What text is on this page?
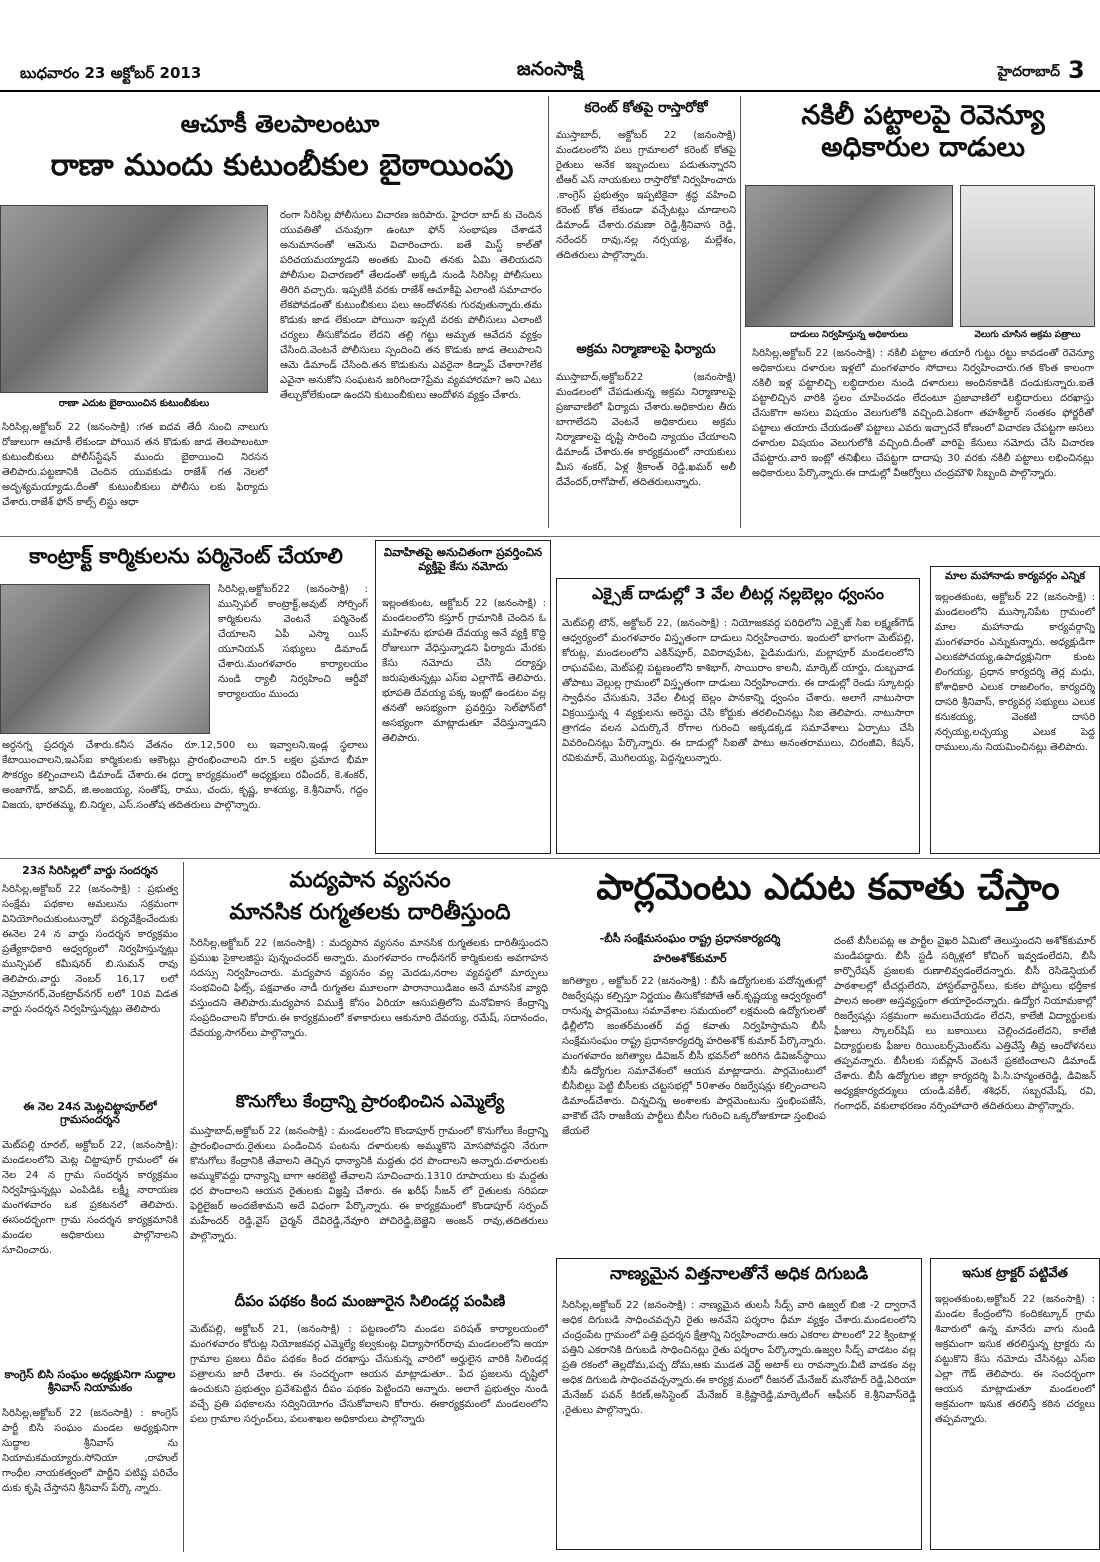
బుధవారం 23 అక్టోబర్ 2013	జనంసాక్షి	హైదరాబాద్ 3
ఆచూకీ తెలపాలంటూ
రాణా ముందు కుటుంబీకుల బైఠాయింపు
రాణా ఎదుట బైఠాయించిన కుటుంబీకులు
సిరిసిల్ల,అక్టోబర్ 22 (జనంసాక్షి) :గత ఐదవ తేదీ నుంచి నాలుగు రోజులుగా ఆచూకీ లేకుండా పోయిన తన కొడుకు జాడ తెలపాలంటూ కుటుంబీకులు పోలీస్‌స్టేషన్ ముందు బైఠాయించి నిరసన తెలిపారు.పట్టణానికి చెందిన యువకుడు రాజేశ్ గత నెలలో అదృశ్యమయ్యాడు.దీంతో కుటుంబీకులు పోలీసు లకు ఫిర్యాదు చేశారు.రాజేశ్ ఫోన్ కాల్స్ లిస్టు ఆధా
రంగా సిరిసిల్ల పోలీసులు విచారణ జరిపారు. హైదరా బాద్ కు చెందిన యువతితో చనువుగా ఉంటూ ఫోన్ సంభాషణ చేశాడనే అనుమానంతో ఆమెను విచారించారు. ఐతే మిస్డ్ కాల్‌తో పరిచయమయ్యాడని అంతకు మించి తనకు ఏమి తెలియదని పోలీసుల విచారణలో తేలడంతో అక్కడి నుండి సిరిసిల్ల పోలీసులు తిరిగి వచ్చారు. ఇప్పటికీ వరకు రాజేశ్ ఆచూకీపై ఎలాంటి సమాచారం లేకపోవడంతో కుటుంబీకులు పలు ఆందోళనకు గురవుతున్నారు.తమ కొడుకు జాడ లేకుండా పోయినా ఇప్పటి వరకు పోలీసులు ఎలాంటి చర్యలు తీసుకోవడం లేదని తల్లి గట్టు అమృత ఆవేదన వ్యక్తం చేసింది.వెంటనే పోలీసులు స్పందించి తన కొడుకు జాడ తెలుపాలని ఆమె డిమాండ్ చేసింది.తన కొడుకును ఎవరైనా కిడ్నాప్ చేశారా?లేక ఎవైనా అనుకోని సంఘటన జరిగిందా?ప్రేమ వ్యవహారమా? అని ఎటు తేల్చుకోలేకుండా ఉందని కుటుంబీకులు ఆందోళన వ్యక్తం చేశారు.
కరెంట్ కోతపై రాస్తారోకో
ముస్తాబాద్, అక్టోబర్ 22 (జనంసాక్షి) మండలంలోని పలు గ్రామాలలో కరెంట్ కోతపై రైతులు అనేక ఇబ్బందులు పడుతున్నారని టీఆర్ ఎస్ నాయకులు రాస్తారోకో నిర్వహించారు .కాంగ్రెస్ ప్రభుత్వం ఇప్పటికైనా శ్రద్ధ వహించి కరెంట్ కోత లేకుండా వచ్చేటట్లు చూడాలని డిమాండ్ చేశారు.రమణా రెడ్డి,శ్రీనివాస రెడ్డి, నరేందర్ రావు,నల్ల నర్సయ్య, మల్లేశం, తదితరులు పాల్గొన్నారు.
అక్రమ నిర్మాణాలపై ఫిర్యాదు
ముస్తాబాద్,అక్టోబర్22 (జనంసాక్షి) మండలంలో చేపడుతున్న అక్రమ నిర్మాణాలపై ప్రజావాణిలో ఫిర్యాదు చేశారు.అధికారుల తీరు బాగాలేదని వెంటనే అధికారులు అక్రమ నిర్మాణాలపై దృష్టి సారించి న్యాయం చేయాలని డిమాండ్ చేశారు.ఈ కార్యక్రమంలో నాయకులు మీస శంకర్, ఏళ్ల శ్రీకాంత్ రెడ్డి,ఖమర్ అలీ దేవేందర్,రాగోపాల్, తదితరులున్నారు.
నకిలీ పట్టాలపై రెవెన్యూ అధికారుల దాడులు
దాడులు నిర్వహిస్తున్న అధికారులు	వెలుగు చూసిన అక్రమ పత్రాలు
సిరిసిల్ల,అక్టోబర్ 22 (జనంసాక్షి) : నకిలీ పట్టాల తయారీ గుట్టు రట్టు కావడంతో రెవెన్యూ అధికారులు దళారుల ఇళ్లలో మంగళవారం సోదాలు నిర్వహించారు.గత కొంత కాలంగా నకిలీ ఇళ్ల పట్టాలిచ్చి లబ్ధిదారుల నుండి దళారులు అందినకాడికి దండుకున్నారు.ఐతే పట్టాలిచ్చిన వారికి స్థలం చూపించడం లేదంటూ ప్రజావాణిలో లబ్ధిదారులు దరఖాస్తు చేసుకొగా అసలు విషయం వెలుగులోకి వచ్చింది.ఏకంగా తహశీల్దార్ సంతకం ఫోర్జరీతో పట్టాలు తయారు చేయడంతో పట్టాలు ఎవరు ఇచ్చారనే కోణంలో విచారణ చేపట్టగా అసలు దళారుల విషయం వెలుగులోకి వచ్చింది.దీంతో వారిపై కేసులు నమోదు చేసి విచారణ చేపట్టారు.వారి ఇంట్లో తనిఖీలు చేపట్టగా దాదాపు 30 వరకు నకిలీ పట్టాలు లభించినట్లు అధికారులు పేర్కొన్నారు.ఈ దాడుల్లో వీఆర్వోలు చంద్రమౌళి సిబ్బంది పాల్గొన్నారు.
కాంట్రాక్ట్ కార్మికులను పర్మినెంట్ చేయాలి
సిరిసిల్ల,అక్టోబర్22 (జనంసాక్షి) : మున్సిపల్ కాంట్రాక్ట్,అవుట్ సోర్సింగ్ కార్మికులను వెంటనే పర్మినెంట్ చేయాలని ఏపీ ఎస్మా యిస్ యూనియన్ సభ్యులు డిమాండ్ చేశారు.మంగళవారం కార్యాలయం నుండి ర్యాలీ నిర్వహించి ఆర్డీవో కార్యాలయం ముందు
అర్ధనగ్న ప్రదర్శన చేశారు.కనీస వేతనం రూ.12,500 లు ఇవ్వాలని,ఇండ్ల స్థలాలు కేటాయించాలని,ఇఎస్‌ఐ కార్మికులకు ఆకౌంట్లు ప్రారంభించాలని రూ.5 లక్షల ప్రమాద భీమా సౌకర్యం కల్పించాలని డిమాండ్ చేశారు.ఈ ధర్నా కార్యక్రమంలో అధ్యక్షులు రవీందర్, కె.శంకర్, అంజాగౌడ్, జావిద్, జి.అంజయ్య, సంతోష్, రాము, చందు, కృష్ణ, కాశయ్య, కె.శ్రీనివాస్, గద్దం విజయ, భారతమ్మ, బి.నిర్మల, ఎస్.సంతోష తదితరులు పాల్గొన్నారు.
వివాహితపై అనుచితంగా ప్రవర్తించిన వ్యక్తిపై కేసు నమోదు
ఇల్లంతకుంట, అక్టోబర్ 22 (జనంసాక్షి) : మండలంలోని కస్తూర్ గ్రామానికి చెందిన ఓ మహిళను భూపతి దేవయ్య అనే వ్యక్తి కొద్ది రోజులుగా వేధిస్తున్నాడని ఫిర్యాదు మేరకు కేసు నమోదు చేసి దర్యాప్తు జరుపుతున్నట్లు ఎస్ఐ ఎల్లాగౌడ్ తెలిపారు. భూపతి దేవయ్య పక్క ఇంట్లో ఉండటం వల్ల తనతో అసభ్యంగా ప్రవర్తిస్తు సెల్‌ఫోన్‌లో అసభ్యంగా మాట్లాడుతూ వేదిస్తున్నాడని తెలిపారు.
ఎక్సైజ్ దాడుల్లో 3 వేల లీటర్ల నల్లబెల్లం ధ్వంసం
మెట్‌పల్లి టౌన్, అక్టోబర్ 22, (జనంసాక్షి) : నియోజకవర్గ పరిధిలోని ఎక్సైజ్ సిఐ లక్ష్మణ్‌గౌడ్ ఆధ్వర్యంలో మంగళవారం విస్తృతంగా దాడులు నిర్వహించారు. ఇందులో భాగంగా మెట్‌పల్లి, కోరుట్ల, మండలంలోని ఎకిన్‌పూర్, వివిరావుపేట, పైడిమడుగు, మల్లాపూర్ మండలంలోని రాఘవపేట, మెట్‌పల్లి పట్టణంలోని కాశిభాగ్, సాయిరాం కాలనీ, మార్కెట్ యార్డు, దుబ్బవాడ తోపాటు వెల్లుల్ల గ్రామంలో విస్తృతంగా దాడులు నిర్వహించారు. ఈ దాడుల్లో రెండు స్కూటర్లు స్వాధీనం చేసుకుని, 3వేల లీటర్ల బెల్లం పానకాన్ని ధ్వంసం చేశారు. అలాగే నాటుసారా విక్రయిస్తున్న 4 వ్యక్తులను అరెస్టు చేసి కోర్టుకు తరలించినట్లు సిఐ తెలిపారు. నాటుసారా త్రాగడం వలన ఎదుర్కొనే రోగాల గురించి అక్కడక్కడ సమావేశాలు ఏర్పాటు చేసి వివరించినట్లు పేర్కొన్నారు. ఈ దాడుల్లో సిఐతో పాటు అనంతరాములు, చిరంజీవి, కిషన్, రవికుమార్, మొగిలయ్య, పెద్దన్నలున్నారు.
మాల మహానాడు కార్యవర్గం ఎన్నిక
ఇల్లంతకుంట, అక్టోబర్ 22 (జనంసాక్షి) : మండలంలోని ముస్కానిపేట గ్రామంలో మాల మహానాడు కార్యవర్గాన్ని మంగళవారం ఎన్నుకున్నారు. అధ్యక్షుడిగా ఎలుకపోచయ్య,ఉపాధ్యక్షునిగా కుంట లింగయ్య, ప్రధాన కార్యదర్శి తెర్ల మధు, కోశాధికారి ఎలుక రాజలింగం, కార్యదర్శి దాసరి శ్రీనివాస్, కార్యవర్గ సభ్యులు ఎలుక కనుకయ్య, వెంకటి దాసరి నర్సయ్య,లచ్చయ్య ఎలుక పెద్ద రాములు,ను నియమించినట్లు తెలిపారు.
23న సిరిసిల్లలో వార్డు సందర్శన
సిరిసిల్ల,అక్టోబర్ 22 (జనంసాక్షి) : ప్రభుత్వ సంక్షేమ పథకాల అమలును సక్రమంగా వినియోగించుకుంటున్నారో పర్యవేక్షించేందుకు ఈనెల 24 న వార్డు సందర్శన కార్యక్రమం ప్రత్యేకాధికారి ఆధ్వర్యంలో నిర్వహిస్తున్నట్లు మున్సిపల్ కమీషనర్ బి.సుమన్ రావు తెలిపారు.వార్డు నెంబర్ 16,17 లలో నెహ్రూనగర్,వెంకట్రావ్‌నగర్ లలో 10వ విడత వార్డు సందర్శన నిర్వహిస్తున్నట్లు తెలిపారు
ఈ నెల 24న మెట్లచిట్టాపూర్‌లో గ్రామసందర్శన
మెట్‌పల్లి రూరల్, అక్టోబర్ 22, (జనంసాక్షి): మండలంలోని మెట్ల చిట్టాపూర్ గ్రామంలో ఈ నెల 24 న గ్రామ సందర్శన కార్యక్రమం నిర్వహిస్తున్నట్లు ఎంపిడిఓ లక్ష్మీ నారాయణ మంగళవారం ఒక ప్రకటనలో తెలిపారు. ఈసందర్భంగా గ్రామ సందర్శన కార్యక్రమానికి మండల అధికారులు పాల్గొనాలని సూచించారు.
కాంగ్రెస్ బిసి సంఘం అధ్యక్షునిగా సుద్దాల శ్రీనివాస్ నియామకం
సిరిసిల్ల,అక్టోబర్ 22 (జనంసాక్షి) : కాంగ్రెస్ పార్టీ బిసి సంఘం మండల అధ్యక్షునిగా సుద్దాల శ్రీనివాస్ ను నియామకమయ్యారు.సోనియా ,రాహుల్ గాంధీల నాయకత్వంలో పార్టీని పటిష్ట పరిచేం దుకు కృషి చేస్తానని శ్రీనివాస్ పేర్కొ న్నారు.
మద్యపాన వ్యసనం
మానసిక రుగ్మతలకు దారితీస్తుంది
సిరిసిల్ల,అక్టోబర్ 22 (జనంసాక్షి) : మద్యపాన వ్యసనం మానసిక రుగ్మతలకు దారితీస్తుందని ప్రముఖ సైకాలజిస్టు పున్నంచందర్ అన్నారు. మంగళవారం గాంధీనగర్ కార్మికులకు అవగాహన సదస్సు నిర్వహించారు. మద్యపాన వ్యసనం వల్ల మెదడు,నరాల వ్యవస్థలో మార్పులు సంభవించి ఫిట్స్, పక్షవాతం నాడీ రుగ్మతల మూలంగా పారానాయిడిజం అనే మానసిక వ్యాధి వస్తుందని తెలిపారు.మద్యపాన విముక్తి కోసం ఏరియా ఆసుపత్రిలోని మనోవికాస కేంద్రాన్ని సంప్రదించాలని కోరారు.ఈ కార్యక్రమంలో కళాకారులు ఆకునూరి దేవయ్య, రమేష్, సదానందం, దేవయ్య,సాగర్‌లు పాల్గొన్నారు.
కొనుగోలు కేంద్రాన్ని ప్రారంభించిన ఎమ్మెల్యే
ముస్తాబాద్,అక్టోబర్ 22 (జనంసాక్షి) : మండలంలోని కొండాపూర్ గ్రామంలో కొనుగోలు కేంద్రాన్ని ప్రారంభించారు.రైతులు పండించిన పంటను దళారులకు అమ్ముకొని మోసపోవద్దని నేరుగా కొనుగోలు కేంద్రానికి తేవాలని తెచ్చిన ధాన్యానికి మద్దతు ధర పొందాలని అన్నారు.దళారులకు అమ్ముకొవద్దు ధాన్యాన్ని బాగా ఆరబెట్టి తేవాలని సూచించారు.1310 రూపాయలు కు మద్దతు ధర పొందాలని ఆయన రైతులకు విజ్ఞప్తి చేశారు. ఈ ఖరీఫ్ సీజన్ లో రైతులకు సరిపడా ఫెర్టిలైజర్ అందజేశామని అదే విధంగా పేర్కొన్నారు. ఈ కార్యక్రమంలో కొండాపూర్ సర్పంచ్ మహేందర్ రెడ్డి,వైస్ చైర్మన్ దేవిరెడ్డి,నేవూరి పోచిరెడ్డి,బెజ్జెని అంజన్ రావు,తదితరులు పాల్గొన్నారు.
దీపం పథకం కింద మంజూరైన సిలిండర్ల పంపిణి
మెట్‌పల్లి, అక్టోబర్ 21, (జనంసాక్షి) : పట్టణంలోని మండల పరిషత్ కార్యాలయంలో మంగళవారం కోరుట్ల నియోజకవర్గ ఎమ్మెల్యే కల్వకుంట్ల విద్యాసాగర్‌రావు మండలంలోని అయా గ్రామాల ప్రజలు దీపం పథకం కింద దరఖాస్తు చేసుకున్న వారిలో అర్హులైన వారికి సిలిండర్ల పత్రాలను జారీ చేశారు. ఈ సందర్భంగా ఆయన మాట్లాడుతూ.. పేద ప్రజలను దృష్టిలో ఉంచుకుని ప్రభుత్వం ప్రవేశపెట్టిన దీపం పథకం పెట్టిందని అన్నారు. అలాగే ప్రభుత్వం నుండి వచ్చే ప్రతి పథకాలను సద్వినియోగం చేసుకోవాలని కోరారు. ఈకార్యక్రమంలో మండలంలోని పలు గ్రామాల సర్పంచ్‌లు, పలుశాఖల అధికారులు పాల్గొన్నారు
పార్లమెంటు ఎదుట కవాతు చేస్తాం
-బీసీ సంక్షేమసంఘం రాష్ట్ర ప్రధానకార్యదర్శి
హరిఅశోక్‌కుమార్
జగిత్యాల , అక్టోబర్ 22 (జనంసాక్షి) : బీసీ ఉద్యోగులకు పదోన్నతుల్లో రిజర్వేషన్లు కల్పిస్తూ నిర్ణయం తీసుకోకపోతే ఆర్.కృష్ణయ్య ఆధ్వర్యంలో రానున్న పార్లమెంటు సమావేశాల సమయంలో లక్షమంది ఉద్యోగులతో ఢిల్లీలోని జంతర్‌మంతర్ వద్ద కవాతు నిర్వహిస్తామని బీసీ సంక్షేమసంఘం రాష్ట్ర ప్రధానకార్యదర్శి హరిఅశోక్ కుమార్ పేర్కొన్నారు. మంగళవారం జగిత్యాల డివిజన్ బీసీ భవన్‌లో జరిగిన డివిజన్‌స్థాయి బీసీ ఉద్యోగుల సమావేశంలో ఆయన మాట్లాడారు. పార్లమెంటులో బీసీబిల్లు పెట్టి బీసీలకు చట్టసభల్లో 50శాతం రిజర్వేషన్లు కల్పించాలని డిమాండ్‌చేశారు. చిన్నచిన్న అంశాలకు పార్లమెంటును స్తంభింపజేసే, వాకౌట్ చేసే రాజకీయ పార్టీలు బీసీల గురించి ఒక్కరోజుకూడా స్తంభింప జేయలే
దంటే బీసీలపట్ల ఆ పార్టీల వైఖరి ఏమిటో తెలుస్తుందని అశోక్‌కుమార్ మండిపడ్డారు. బీసీ స్టడీ సర్కిళ్లలో కోచింగ్ ఇవ్వడంలేదని, బీసీ కార్పొరేషన్ ప్రజలకు రుణాలివ్వడంలేదన్నారు. బీసీ రెసిడెన్షియల్ పాఠశాలల్లో టీచర్లులేరని, హాస్టల్‌వార్డెన్‌లు, కుకల పోస్టులు భర్తీకాక పాలన అంతా అస్తవ్యస్తంగా తయారైందన్నారు. ఉద్యోగ నియామకాల్లో రిజర్వేషన్లు సక్రమంగా అమలుచేయడం లేదని, కాలేజీ విద్యార్థులకు ఫీజులు స్కాలర్‌షిప్‌ లు బకాయిలు చెల్లించడంలేదని, కాలేజీ విద్యార్థులకు ఫీజుల రియింబర్స్‌మెంట్‌ను ఎత్తివేస్తే తీవ్ర ఆందోళనలు తప్పవన్నారు. బీసీలకు సబ్‌ప్లాన్ వెంటనే ప్రకటించాలని డిమాండ్ చేశారు. బీసీ ఉద్యోగుల జిల్లా కార్యదర్శి పి.సి.హన్మంతరెడ్డి, డివిజన్ అధ్యక్షకార్యదర్శులు యండి.వకీల్, శశిధర్, సబ్బరమేష్, రవి, గంగాధర్, వకులాభరణం నర్సింహాచారి తదితరులు పాల్గొన్నారు.
నాణ్యమైన విత్తనాలతోనే అధిక దిగుబడి
సిరిసిల్ల,అక్టోబర్ 22 (జనంసాక్షి) : నాణ్యమైన తులసీ సీడ్స్ వారి ఉజ్వల్ బిజి -2 ద్వారానే అధిక దిగుబడి సాధించవచ్చని రైతు అనవేని పర్శరాం ధీమా వ్యక్తం చేశారు.మండలంలోని చంద్రంపేట గ్రామంలో పత్తి ప్రదర్శన క్షేత్రాన్ని నిర్వహించారు.ఆరు ఎకరాల పొలంలో 22 క్వింటాళ్ల పత్తిని ఎకరానికి దిగుబడి సాధించినట్లు రైతు పర్శరాం పేర్కొన్నారు.ఉజ్వల సీడ్స్ వాడటం వల్ల ప్రతి రకంలో తెల్లదోమ,పచ్చ దోమ,ఆకు ముడత వెర్ట్ అటాక్ లు రావన్నారు.వీటి వాడకం వల్ల అధిక దిగుబడి సాధించవచ్చన్నారు.ఈ కార్యక్ర మంలో రీజనల్ మేనేజర్ మనోహర్ రెడ్డి,ఏరియా మేనేజర్ పవన్ కిరణ్,అసిస్టెంట్ మేనేజర్ కె.క్రిష్ణారెడ్డి,మార్కెటింగ్ ఆఫీసర్ కె.శ్రీనివాస్‌రెడ్డి ,రైతులు పాల్గొన్నారు.
ఇసుక ట్రాక్టర్ పట్టివేత
ఇల్లంతకుంట,అక్టోబర్ 22 (జనంసాక్షి) : మండల కేంద్రంలోని కందికట్కూర్ గ్రామ శివారులో ఉన్న మానేరు వాగు నుండి అక్రమంగా ఇసుక తరలిస్తున్న ట్రాక్టరు ను పట్టుకొని కేసు నమోదు చేసినట్లు ఎస్ఐ ఎల్లా గౌడ్ తెలిపారు. ఈ సందర్భంగా ఆయన మాట్లాడుతూ మండలంలో అక్రమంగా ఇసుక తరలిస్తే కఠిన చర్యలు తప్పవన్నారు.
